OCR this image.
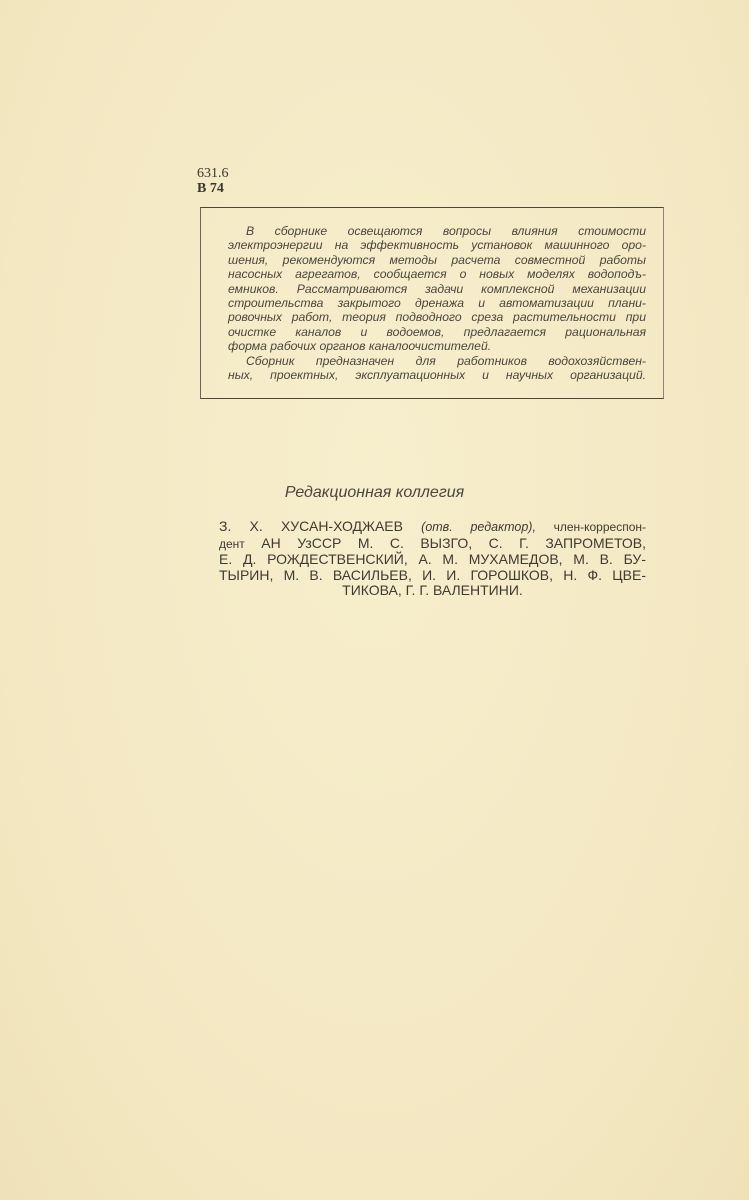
631.6
В 74
В сборнике освещаются вопросы влияния стоимости
электроэнергии на эффективность установок машинного оро-
шения, рекомендуются методы расчета совместной работы
насосных агрегатов, сообщается о новых моделях водоподъ-
емников. Рассматриваются задачи комплексной механизации
строительства закрытого дренажа и автоматизации плани-
ровочных работ, теория подводного среза растительности при
очистке каналов и водоемов, предлагается рациональная
форма рабочих органов каналоочистителей.
Сборник предназначен для работников водохозяйствен-
ных, проектных, эксплуатационных и научных организаций.
Редакционная коллегия
З. Х. ХУСАН-ХОДЖАЕВ (отв. редактор), член-корреспон-
дент АН УзССР М. С. ВЫЗГО, С. Г. ЗАПРОМЕТОВ,
Е. Д. РОЖДЕСТВЕНСКИЙ, А. М. МУХАМЕДОВ, М. В. БУ-
ТЫРИН, М. В. ВАСИЛЬЕВ, И. И. ГОРОШКОВ, Н. Ф. ЦВЕ-
ТИКОВА, Г. Г. ВАЛЕНТИНИ.
